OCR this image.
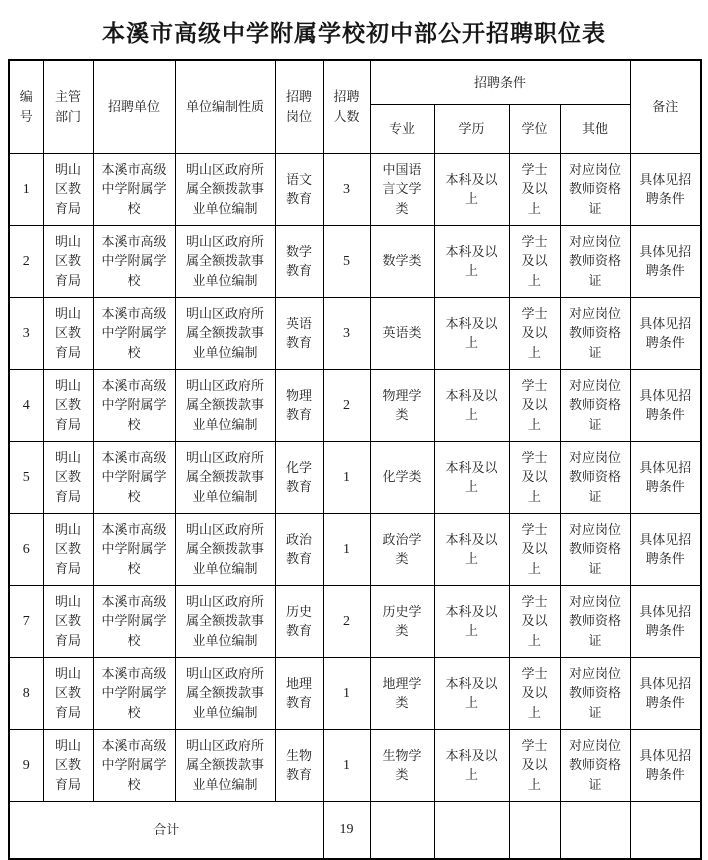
本溪市高级中学附属学校初中部公开招聘职位表
编号	主管部门	招聘单位	单位编制性质	招聘岗位	招聘人数	招聘条件				备注
						专业	学历	学位	其他	
1	明山区教育局	本溪市高级中学附属学校	明山区政府所属全额拨款事业单位编制	语文教育	3	中国语言文学类	本科及以上	学士及以上	对应岗位教师资格证	具体见招聘条件
2	明山区教育局	本溪市高级中学附属学校	明山区政府所属全额拨款事业单位编制	数学教育	5	数学类	本科及以上	学士及以上	对应岗位教师资格证	具体见招聘条件
3	明山区教育局	本溪市高级中学附属学校	明山区政府所属全额拨款事业单位编制	英语教育	3	英语类	本科及以上	学士及以上	对应岗位教师资格证	具体见招聘条件
4	明山区教育局	本溪市高级中学附属学校	明山区政府所属全额拨款事业单位编制	物理教育	2	物理学类	本科及以上	学士及以上	对应岗位教师资格证	具体见招聘条件
5	明山区教育局	本溪市高级中学附属学校	明山区政府所属全额拨款事业单位编制	化学教育	1	化学类	本科及以上	学士及以上	对应岗位教师资格证	具体见招聘条件
6	明山区教育局	本溪市高级中学附属学校	明山区政府所属全额拨款事业单位编制	政治教育	1	政治学类	本科及以上	学士及以上	对应岗位教师资格证	具体见招聘条件
7	明山区教育局	本溪市高级中学附属学校	明山区政府所属全额拨款事业单位编制	历史教育	2	历史学类	本科及以上	学士及以上	对应岗位教师资格证	具体见招聘条件
8	明山区教育局	本溪市高级中学附属学校	明山区政府所属全额拨款事业单位编制	地理教育	1	地理学类	本科及以上	学士及以上	对应岗位教师资格证	具体见招聘条件
9	明山区教育局	本溪市高级中学附属学校	明山区政府所属全额拨款事业单位编制	生物教育	1	生物学类	本科及以上	学士及以上	对应岗位教师资格证	具体见招聘条件
合计					19					
